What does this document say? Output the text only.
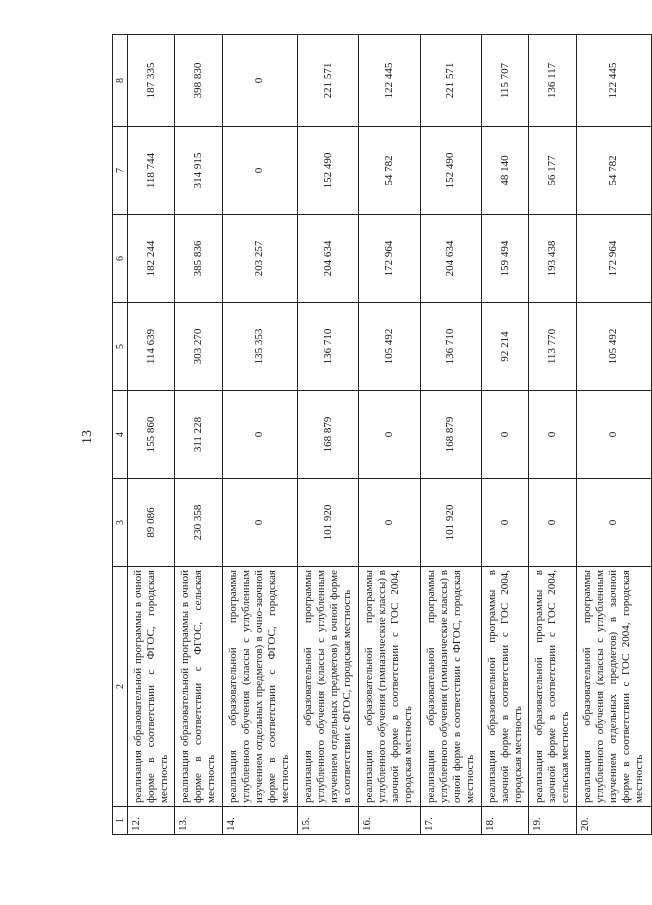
13
1	2	3	4	5	6	7	8
12.	реализация образовательной программы в очной форме в соответствии с ФГОС, городская местность	89 086	155 860	114 639	182 244	118 744	187 335
13.	реализация образовательной программы в очной форме в соответствии с ФГОС, сельская местность	230 358	311 228	303 270	385 836	314 915	398 830
14.	реализация образовательной программы углубленного обучения (классы с углубленным изучением отдельных предметов) в очно-заочной форме в соответствии с ФГОС, городская местность	0	0	135 353	203 257	0	0
15.	реализация образовательной программы углубленного обучения (классы с углубленным изучением отдельных предметов) в очной форме в соответствии с ФГОС, городская местность	101 920	168 879	136 710	204 634	152 490	221 571
16.	реализация образовательной программы углубленного обучения (гимназические классы) в заочной форме в соответствии с ГОС 2004, городская местность	0	0	105 492	172 964	54 782	122 445
17.	реализация образовательной программы углубленного обучения (гимназические классы) в очной форме в соответствии с ФГОС, городская местность	101 920	168 879	136 710	204 634	152 490	221 571
18.	реализация образовательной программы в заочной форме в соответствии с ГОС 2004, городская местность	0	0	92 214	159 494	48 140	115 707
19.	реализация образовательной программы в заочной форме в соответствии с ГОС 2004, сельская местность	0	0	113 770	193 438	56 177	136 117
20.	реализация образовательной программы углубленного обучения (классы с углубленным изучением отдельных предметов) в заочной форме в соответствии с ГОС 2004, городская местность	0	0	105 492	172 964	54 782	122 445
